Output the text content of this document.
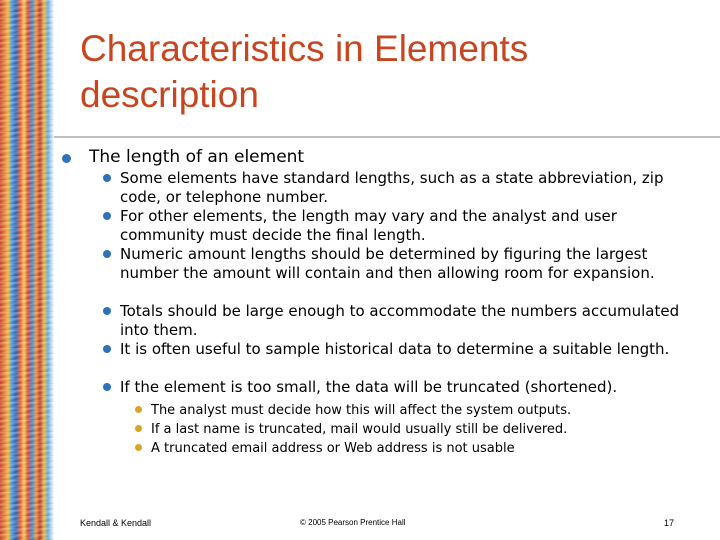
Characteristics in Elements description
The length of an element
Some elements have standard lengths, such as a state abbreviation, zip code, or telephone number.
For other elements, the length may vary and the analyst and user community must decide the final length.
Numeric amount lengths should be determined by figuring the largest number the amount will contain and then allowing room for expansion.
Totals should be large enough to accommodate the numbers accumulated into them.
It is often useful to sample historical data to determine a suitable length.
If the element is too small, the data will be truncated (shortened).
The analyst must decide how this will affect the system outputs.
If a last name is truncated, mail would usually still be delivered.
A truncated email address or Web address is not usable
Kendall & Kendall	© 2005 Pearson Prentice Hall	17
